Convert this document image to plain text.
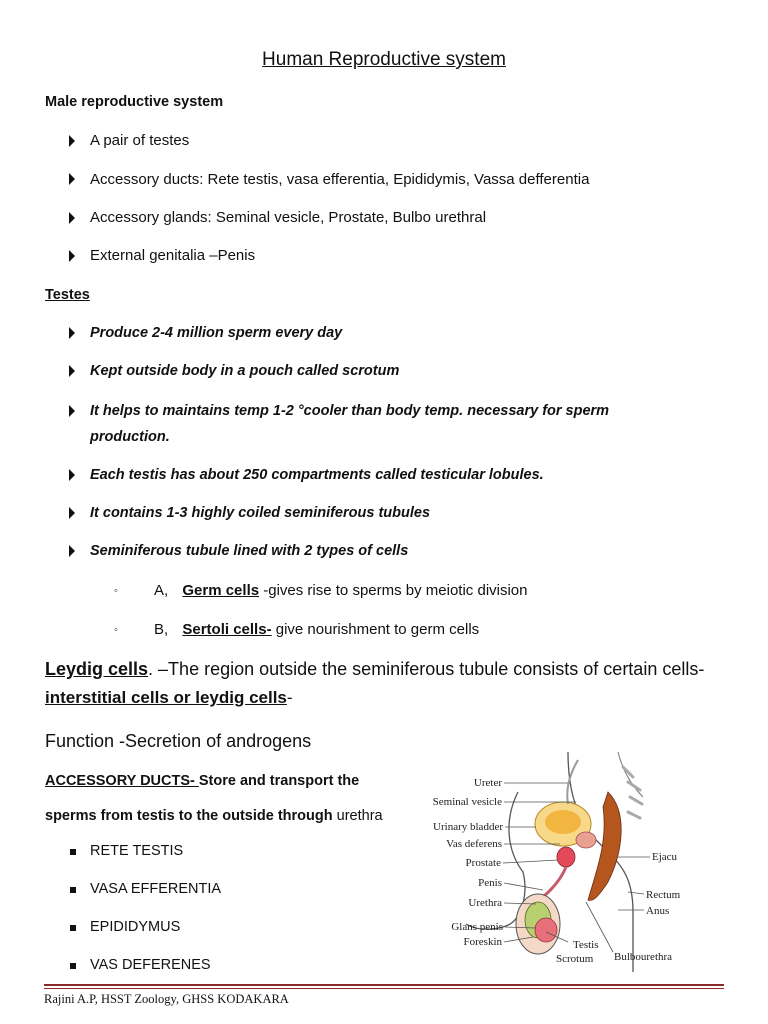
Human Reproductive system
Male reproductive system
A pair of testes
Accessory ducts: Rete testis, vasa efferentia, Epididymis, Vassa defferentia
Accessory glands: Seminal vesicle, Prostate, Bulbo urethral
External genitalia –Penis
Testes
Produce 2-4 million sperm every day
Kept outside body in a pouch called scrotum
It helps to maintains temp 1-2 °cooler than body temp. necessary for sperm
production.
Each testis has about 250 compartments called testicular lobules.
It contains 1-3 highly coiled seminiferous tubules
Seminiferous tubule lined with 2 types of cells
◦ A, Germ cells -gives rise to sperms by meiotic division
◦ B, Sertoli cells- give nourishment to germ cells
Leydig cells. –The region outside the seminiferous tubule consists of certain cells-
interstitial cells or leydig cells-
Function -Secretion of androgens
ACCESSORY DUCTS- Store and transport the
sperms from testis to the outside through urethra
RETE TESTIS
VASA EFFERENTIA
EPIDIDYMUS
VAS DEFERENES
Ureter
Seminal vesicle
Urinary bladder
Vas deferens
Prostate
Penis
Urethra
Glans penis
Foreskin
Ejacu
Rectum
Anus
Testis
Scrotum Bulbourethra
Rajini A.P, HSST Zoology, GHSS KODAKARA
